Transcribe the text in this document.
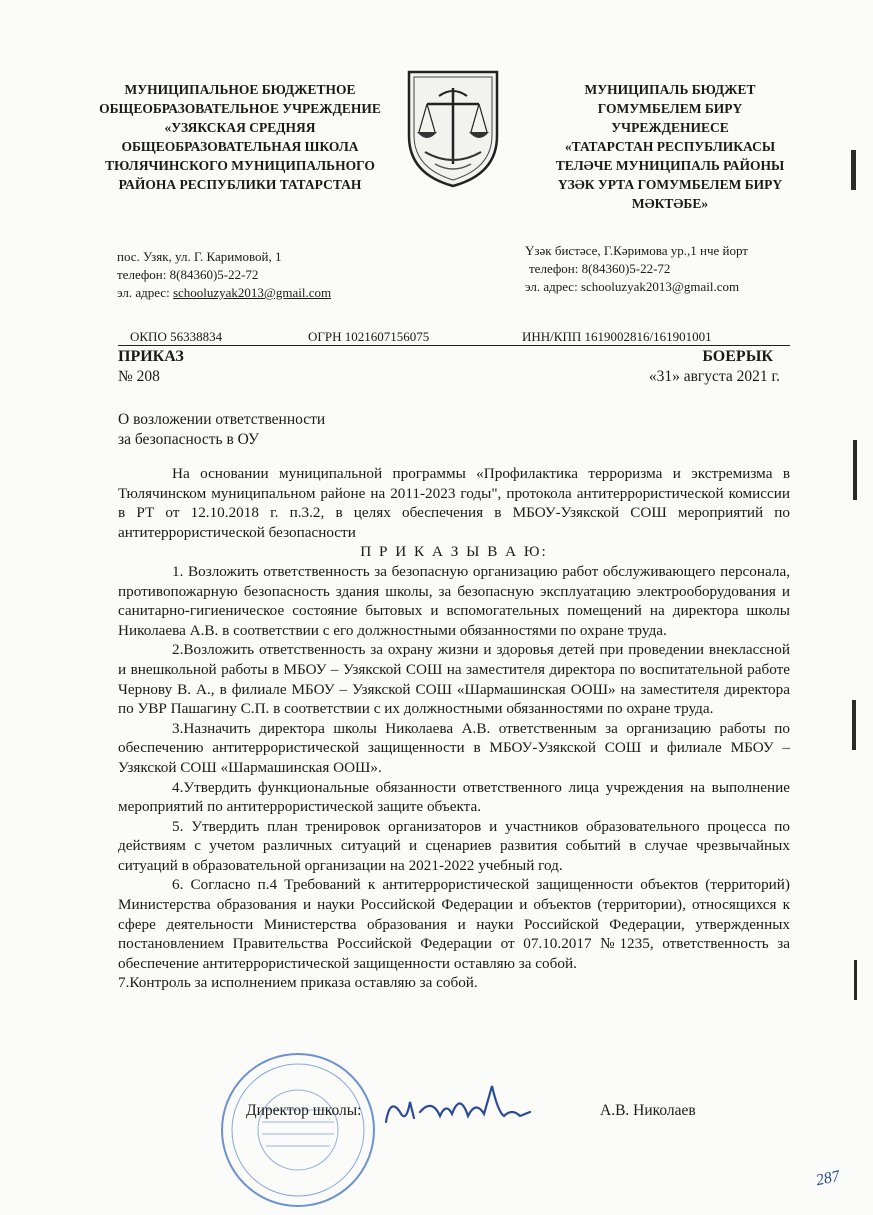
МУНИЦИПАЛЬНОЕ БЮДЖЕТНОЕ
ОБЩЕОБРАЗОВАТЕЛЬНОЕ УЧРЕЖДЕНИЕ
«УЗЯКСКАЯ СРЕДНЯЯ
ОБЩЕОБРАЗОВАТЕЛЬНАЯ ШКОЛА
ТЮЛЯЧИНСКОГО МУНИЦИПАЛЬНОГО
РАЙОНА РЕСПУБЛИКИ ТАТАРСТАН
МУНИЦИПАЛЬ БЮДЖЕТ
ГОМУМБЕЛЕМ БИРҮ
УЧРЕЖДЕНИЕСЕ
«ТАТАРСТАН РЕСПУБЛИКАСЫ
ТЕЛӘЧЕ МУНИЦИПАЛЬ РАЙОНЫ
ҮЗӘК УРТА ГОМУМБЕЛЕМ БИРҮ
МӘКТӘБЕ»
пос. Узяк, ул. Г. Каримовой, 1
телефон: 8(84360)5-22-72
эл. адрес: schooluzyak2013@gmail.com
Үзәк бистәсе, Г.Кәримова ур.,1 нче йорт
телефон: 8(84360)5-22-72
эл. адрес: schooluzyak2013@gmail.com
ОКПО 56338834	ОГРН 1021607156075	ИНН/КПП 1619002816/161901001
ПРИКАЗ
№ 208
БОЕРЫК
«31» августа 2021 г.
О возложении ответственности
за безопасность в ОУ

На основании муниципальной программы «Профилактика терроризма и экстремизма в Тюлячинском муниципальном районе на 2011-2023 годы", протокола антитеррористической комиссии в РТ от 12.10.2018 г. п.3.2, в целях обеспечения в МБОУ-Узякской СОШ мероприятий по антитеррористической безопасности

П Р И К А З Ы В А Ю:

1. Возложить ответственность за безопасную организацию работ обслуживающего персонала, противопожарную безопасность здания школы, за безопасную эксплуатацию электрооборудования и санитарно-гигиеническое состояние бытовых и вспомогательных помещений на директора школы Николаева А.В. в соответствии с его должностными обязанностями по охране труда.

2.Возложить ответственность за охрану жизни и здоровья детей при проведении внеклассной и внешкольной работы в МБОУ – Узякской СОШ на заместителя директора по воспитательной работе Чернову В. А., в филиале МБОУ – Узякской СОШ «Шармашинская ООШ» на заместителя директора по УВР Пашагину С.П. в соответствии с их должностными обязанностями по охране труда.

3.Назначить директора школы Николаева А.В. ответственным за организацию работы по обеспечению антитеррористической защищенности в МБОУ-Узякской СОШ и филиале МБОУ – Узякской СОШ «Шармашинская ООШ».

4.Утвердить функциональные обязанности ответственного лица учреждения на выполнение мероприятий по антитеррористической защите объекта.

5. Утвердить план тренировок организаторов и участников образовательного процесса по действиям с учетом различных ситуаций и сценариев развития событий в случае чрезвычайных ситуаций в образовательной организации на 2021-2022 учебный год.

6. Согласно п.4 Требований к антитеррористической защищенности объектов (территорий) Министерства образования и науки Российской Федерации и объектов (территории), относящихся к сфере деятельности Министерства образования и науки Российской Федерации, утвержденных постановлением Правительства Российской Федерации от 07.10.2017 №1235, ответственность за обеспечение антитеррористической защищенности оставляю за собой.

7.Контроль за исполнением приказа оставляю за собой.

Директор школы:	А.В. Николаев
287
